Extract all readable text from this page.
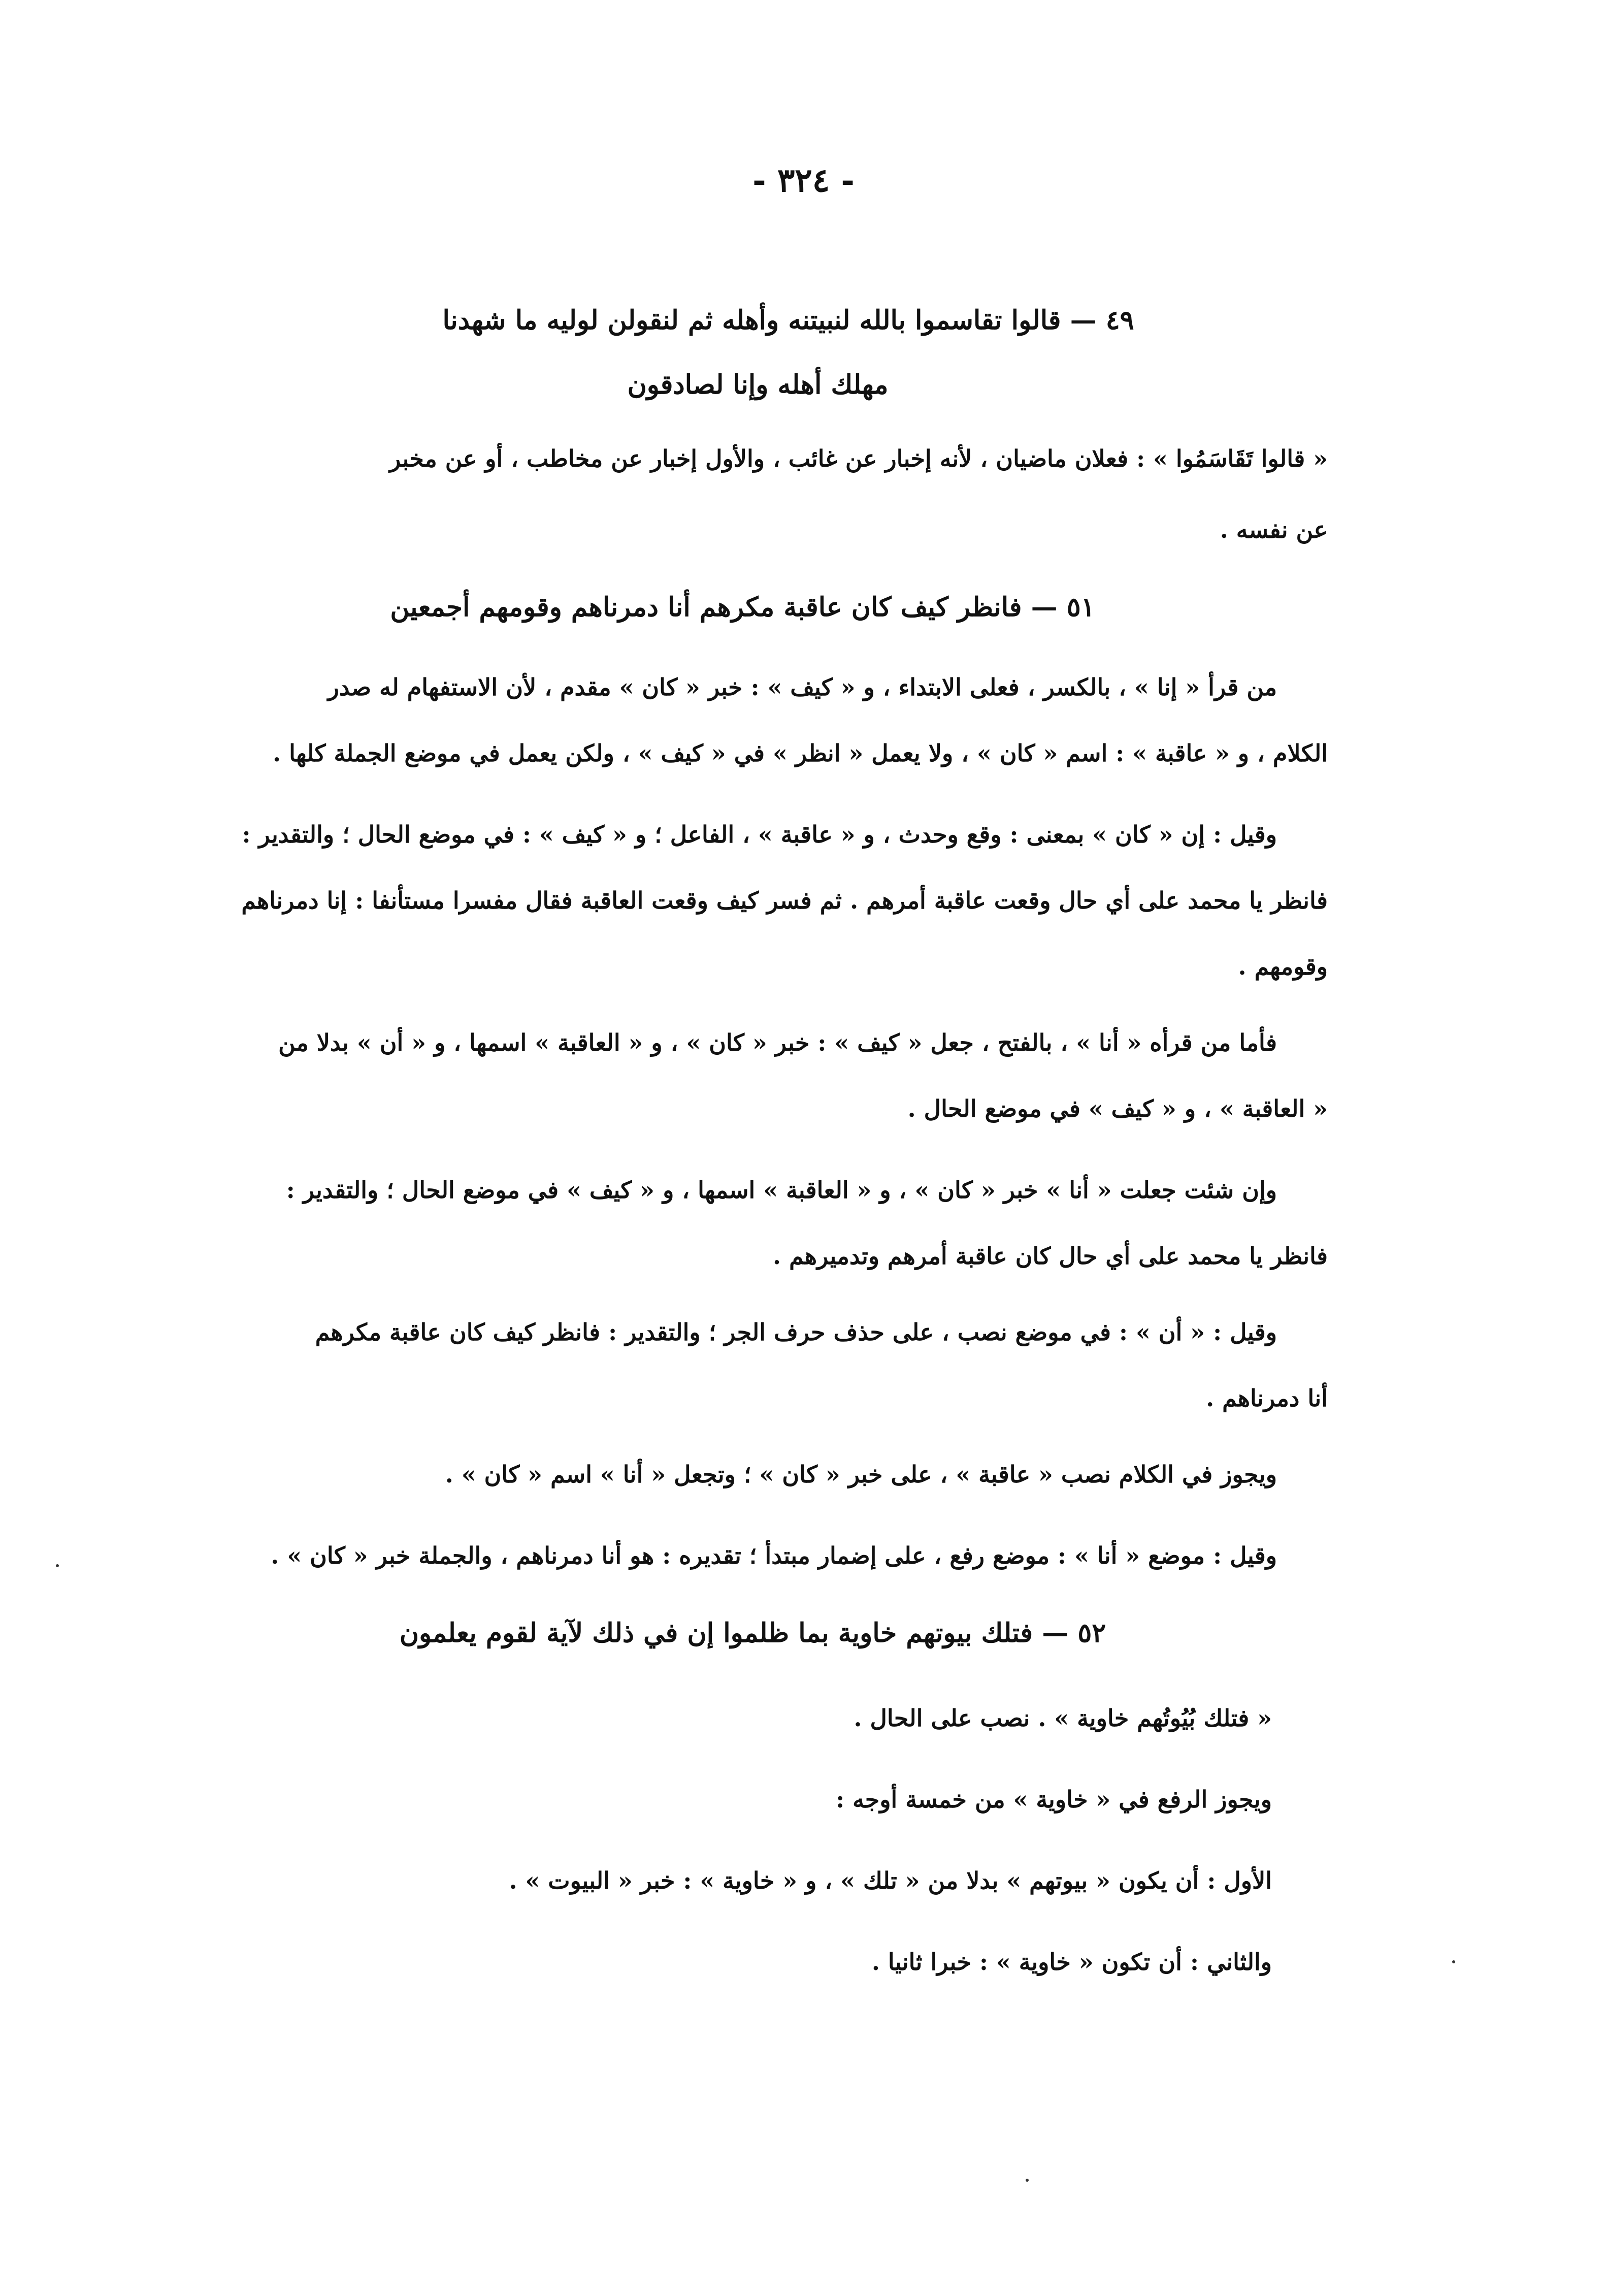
- ٣٢٤ -
٤٩ — قالوا تقاسموا بالله لنبيتنه وأهله ثم لنقولن لوليه ما شهدنا
مهلك أهله وإنا لصادقون
« قالوا تَقَاسَمُوا » : فعلان ماضيان ، لأنه إخبار عن غائب ، والأول إخبار عن مخاطب ، أو عن مخبر
عن نفسه .
٥١ — فانظر كيف كان عاقبة مكرهم أنا دمرناهم وقومهم أجمعين
من قرأ « إنا » ، بالكسر ، فعلى الابتداء ، و « كيف » : خبر « كان » مقدم ، لأن الاستفهام له صدر
الكلام ، و « عاقبة » : اسم « كان » ، ولا يعمل « انظر » في « كيف » ، ولكن يعمل في موضع الجملة كلها .
وقيل : إن « كان » بمعنى : وقع وحدث ، و « عاقبة » ، الفاعل ؛ و « كيف » : في موضع الحال ؛ والتقدير :
فانظر يا محمد على أي حال وقعت عاقبة أمرهم . ثم فسر كيف وقعت العاقبة فقال مفسرا مستأنفا : إنا دمرناهم
وقومهم .
فأما من قرأه « أنا » ، بالفتح ، جعل « كيف » : خبر « كان » ، و « العاقبة » اسمها ، و « أن » بدلا من
« العاقبة » ، و « كيف » في موضع الحال .
وإن شئت جعلت « أنا » خبر « كان » ، و « العاقبة » اسمها ، و « كيف » في موضع الحال ؛ والتقدير :
فانظر يا محمد على أي حال كان عاقبة أمرهم وتدميرهم .
وقيل : « أن » : في موضع نصب ، على حذف حرف الجر ؛ والتقدير : فانظر كيف كان عاقبة مكرهم
أنا دمرناهم .
ويجوز في الكلام نصب « عاقبة » ، على خبر « كان » ؛ وتجعل « أنا » اسم « كان » .
وقيل : موضع « أنا » : موضع رفع ، على إضمار مبتدأ ؛ تقديره : هو أنا دمرناهم ، والجملة خبر « كان » .
٥٢ — فتلك بيوتهم خاوية بما ظلموا إن في ذلك لآية لقوم يعلمون
« فتلك بُيُوتُهم خاوية » . نصب على الحال .
ويجوز الرفع في « خاوية » من خمسة أوجه :
الأول : أن يكون « بيوتهم » بدلا من « تلك » ، و « خاوية » : خبر « البيوت » .
والثاني : أن تكون « خاوية » : خبرا ثانيا .
